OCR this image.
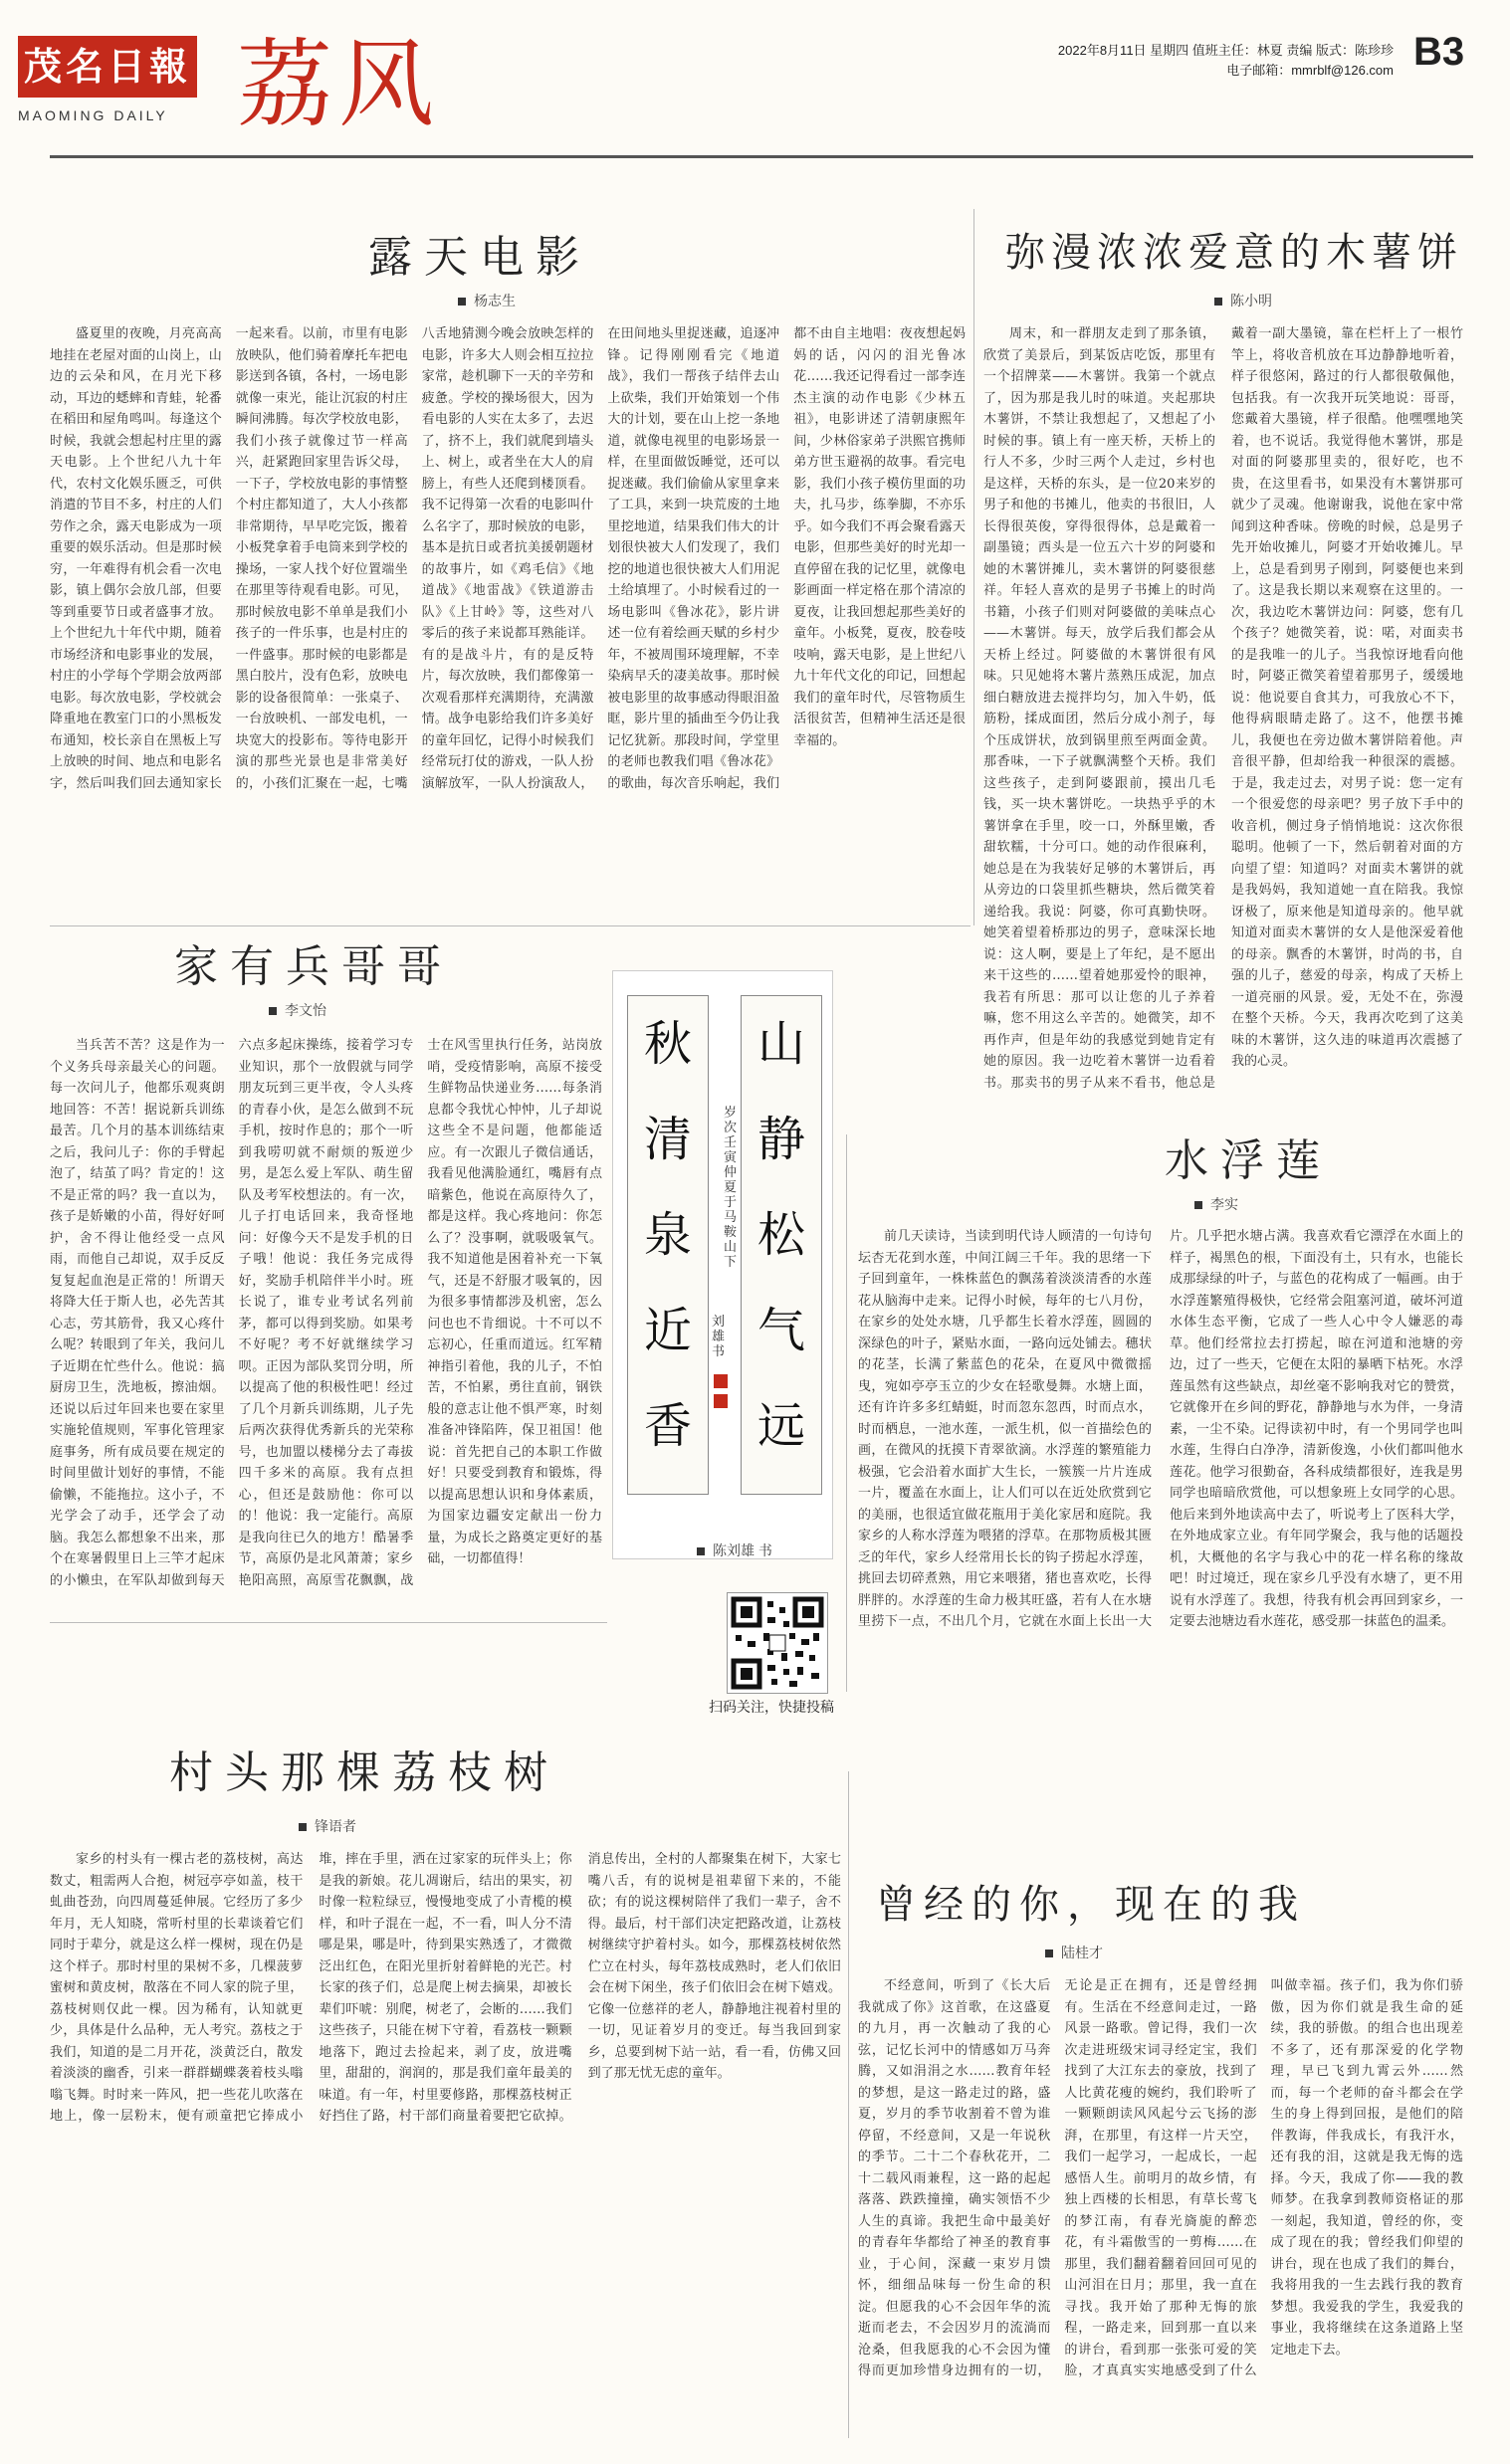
茂名日報
MAOMING DAILY 荔风	2022年8月11日 星期四 值班主任：林夏 责编 版式：陈珍珍
电子邮箱：mmrblf@126.com B3
露天电影
杨志生

盛夏里的夜晚，月亮高高地挂在老屋对面的山岗上，山边的云朵和风，在月光下移动，耳边的蟋蟀和青蛙，轮番在稻田和屋角鸣叫。每逢这个时候，我就会想起村庄里的露天电影。上个世纪八九十年代，农村文化娱乐匮乏，可供消遣的节目不多，村庄的人们劳作之余，露天电影成为一项重要的娱乐活动。但是那时候穷，一年难得有机会看一次电影，镇上偶尔会放几部，但要等到重要节日或者盛事才放。上个世纪九十年代中期，随着市场经济和电影事业的发展，村庄的小学每个学期会放两部电影。每次放电影，学校就会降重地在教室门口的小黑板发布通知，校长亲自在黑板上写上放映的时间、地点和电影名字，然后叫我们回去通知家长一起来看。以前，市里有电影放映队，他们骑着摩托车把电影送到各镇，各村，一场电影就像一束光，能让沉寂的村庄瞬间沸腾。每次学校放电影，我们小孩子就像过节一样高兴，赶紧跑回家里告诉父母，一下子，学校放电影的事情整个村庄都知道了，大人小孩都非常期待，早早吃完饭，搬着小板凳拿着手电筒来到学校的操场，一家人找个好位置端坐在那里等待观看电影。可见，那时候放电影不单单是我们小孩子的一件乐事，也是村庄的一件盛事。那时候的电影都是黑白胶片，没有色彩，放映电影的设备很简单：一张桌子、一台放映机、一部发电机，一块宽大的投影布。等待电影开演的那些光景也是非常美好的，小孩们汇聚在一起，七嘴八舌地猜测今晚会放映怎样的电影，许多大人则会相互拉拉家常，趁机聊下一天的辛劳和疲惫。学校的操场很大，因为看电影的人实在太多了，去迟了，挤不上，我们就爬到墙头上、树上，或者坐在大人的肩膀上，有些人还爬到楼顶看。我不记得第一次看的电影叫什么名字了，那时候放的电影，基本是抗日或者抗美援朝题材的故事片，如《鸡毛信》《地道战》《地雷战》《铁道游击队》《上甘岭》等，这些对八零后的孩子来说都耳熟能详。有的是战斗片，有的是反特片，每次放映，我们都像第一次观看那样充满期待，充满激情。战争电影给我们许多美好的童年回忆，记得小时候我们经常玩打仗的游戏，一队人扮演解放军，一队人扮演敌人，在田间地头里捉迷藏，追逐冲锋。记得刚刚看完《地道战》，我们一帮孩子结伴去山上砍柴，我们开始策划一个伟大的计划，要在山上挖一条地道，就像电视里的电影场景一样，在里面做饭睡觉，还可以捉迷藏。我们偷偷从家里拿来了工具，来到一块荒废的土地里挖地道，结果我们伟大的计划很快被大人们发现了，我们挖的地道也很快被大人们用泥土给填埋了。小时候看过的一场电影叫《鲁冰花》，影片讲述一位有着绘画天赋的乡村少年，不被周围环境理解，不幸染病早夭的凄美故事。那时候被电影里的故事感动得眼泪盈眶，影片里的插曲至今仍让我记忆犹新。那段时间，学堂里的老师也教我们唱《鲁冰花》的歌曲，每次音乐响起，我们都不由自主地唱：夜夜想起妈妈的话，闪闪的泪光鲁冰花……我还记得看过一部李连杰主演的动作电影《少林五祖》，电影讲述了清朝康熙年间，少林俗家弟子洪熙官携师弟方世玉避祸的故事。看完电影，我们小孩子模仿里面的功夫，扎马步，练拳脚，不亦乐乎。如今我们不再会聚看露天电影，但那些美好的时光却一直停留在我的记忆里，就像电影画面一样定格在那个清凉的夏夜，让我回想起那些美好的童年。小板凳，夏夜，胶卷吱吱响，露天电影，是上世纪八九十年代文化的印记，回想起我们的童年时代，尽管物质生活很贫苦，但精神生活还是很幸福的。

弥漫浓浓爱意的木薯饼
陈小明

周末，和一群朋友走到了那条镇，欣赏了美景后，到某饭店吃饭，那里有一个招牌菜——木薯饼。我第一个就点了，因为那是我儿时的味道。夹起那块木薯饼，不禁让我想起了，又想起了小时候的事。镇上有一座天桥，天桥上的行人不多，少时三两个人走过，乡村也是这样，天桥的东头，是一位20来岁的男子和他的书摊儿，他卖的书很旧，人长得很英俊，穿得很得体，总是戴着一副墨镜；西头是一位五六十岁的阿婆和她的木薯饼摊儿，卖木薯饼的阿婆很慈祥。年轻人喜欢的是男子书摊上的时尚书籍，小孩子们则对阿婆做的美味点心——木薯饼。每天，放学后我们都会从天桥上经过。阿婆做的木薯饼很有风味。只见她将木薯片蒸熟压成泥，加点细白糖放进去搅拌均匀，加入牛奶，低筋粉，揉成面团，然后分成小剂子，每个压成饼状，放到锅里煎至两面金黄。那香味，一下子就飘满整个天桥。我们这些孩子，走到阿婆跟前，摸出几毛钱，买一块木薯饼吃。一块热乎乎的木薯饼拿在手里，咬一口，外酥里嫩，香甜软糯，十分可口。她的动作很麻利，她总是在为我装好足够的木薯饼后，再从旁边的口袋里抓些糖块，然后微笑着递给我。我说：阿婆，你可真勤快呀。她笑着望着桥那边的男子，意味深长地说：这人啊，要是上了年纪，是不愿出来干这些的……望着她那爱怜的眼神，我若有所思：那可以让您的儿子养着嘛，您不用这么辛苦的。她微笑，却不再作声，但是年幼的我感觉到她肯定有她的原因。我一边吃着木薯饼一边看着书。那卖书的男子从来不看书，他总是戴着一副大墨镜，靠在栏杆上了一根竹竿上，将收音机放在耳边静静地听着，样子很悠闲，路过的行人都很敬佩他，包括我。有一次我开玩笑地说：哥哥，您戴着大墨镜，样子很酷。他嘿嘿地笑着，也不说话。我觉得他木薯饼，那是对面的阿婆那里卖的，很好吃，也不贵，在这里看书，如果没有木薯饼那可就少了灵魂。他谢谢我，说他在家中常闻到这种香味。傍晚的时候，总是男子先开始收摊儿，阿婆才开始收摊儿。早上，总是看到男子刚到，阿婆便也来到了。这是我长期以来观察在这里的。一次，我边吃木薯饼边问：阿婆，您有几个孩子？她微笑着，说：喏，对面卖书的是我唯一的儿子。当我惊讶地看向他时，阿婆正微笑着望着那男子，缓缓地说：他说要自食其力，可我放心不下，他得病眼睛走路了。这不，他摆书摊儿，我便也在旁边做木薯饼陪着他。声音很平静，但却给我一种很深的震撼。于是，我走过去，对男子说：您一定有一个很爱您的母亲吧？男子放下手中的收音机，侧过身子悄悄地说：这次你很聪明。他顿了一下，然后朝着对面的方向望了望：知道吗？对面卖木薯饼的就是我妈妈，我知道她一直在陪我。我惊讶极了，原来他是知道母亲的。他早就知道对面卖木薯饼的女人是他深爱着他的母亲。飘香的木薯饼，时尚的书，自强的儿子，慈爱的母亲，构成了天桥上一道亮丽的风景。爱，无处不在，弥漫在整个天桥。今天，我再次吃到了这美味的木薯饼，这久违的味道再次震撼了我的心灵。

家有兵哥哥
李文怡

当兵苦不苦？这是作为一个义务兵母亲最关心的问题。每一次问儿子，他都乐观爽朗地回答：不苦！据说新兵训练最苦。几个月的基本训练结束之后，我问儿子：你的手臂起泡了，结茧了吗？肯定的！这不是正常的吗？我一直以为，孩子是娇嫩的小苗，得好好呵护，舍不得让他经受一点风雨，而他自己却说，双手反反复复起血泡是正常的！所谓天将降大任于斯人也，必先苦其心志，劳其筋骨，我又心疼什么呢？转眼到了年关，我问儿子近期在忙些什么。他说：搞厨房卫生，洗地板，擦油烟。还说以后过年回来也要在家里实施轮值规则，军事化管理家庭事务，所有成员要在规定的时间里做计划好的事情，不能偷懒，不能拖拉。这小子，不光学会了动手，还学会了动脑。我怎么都想象不出来，那个在寒暑假里日上三竿才起床的小懒虫，在军队却做到每天六点多起床操练，接着学习专业知识，那个一放假就与同学朋友玩到三更半夜，令人头疼的青春小伙，是怎么做到不玩手机，按时作息的；那个一听到我唠叨就不耐烦的叛逆少男，是怎么爱上军队、萌生留队及考军校想法的。有一次，儿子打电话回来，我奇怪地问：好像今天不是发手机的日子哦！他说：我任务完成得好，奖励手机陪伴半小时。班长说了，谁专业考试名列前茅，都可以得到奖励。如果考不好呢？考不好就继续学习呗。正因为部队奖罚分明，所以提高了他的积极性吧！经过了几个月新兵训练期，儿子先后两次获得优秀新兵的光荣称号，也加盟以楼梯分去了毒拔四千多米的高原。我有点担心，但还是鼓励他：你可以的！他说：我一定能行。高原是我向往已久的地方！酷暑季节，高原仍是北风萧萧；家乡艳阳高照，高原雪花飘飘，战士在风雪里执行任务，站岗放哨，受疫情影响，高原不接受生鲜物品快递业务……每条消息都令我忧心忡忡，儿子却说这些全不是问题，他都能适应。有一次跟儿子微信通话，我看见他满脸通红，嘴唇有点暗紫色，他说在高原待久了，都是这样。我心疼地问：你怎么了？没事啊，就吸吸氧气。我不知道他是困着补充一下氧气，还是不舒服才吸氧的，因为很多事情都涉及机密，怎么问也也不肯细说。十不可以不忘初心，任重而道远。红军精神指引着他，我的儿子，不怕苦，不怕累，勇往直前，钢铁般的意志让他不惧严寒，时刻准备冲锋陷阵，保卫祖国！他说：首先把自己的本职工作做好！只要受到教育和锻炼，得以提高思想认识和身体素质，为国家边疆安定献出一份力量，为成长之路奠定更好的基础，一切都值得！

山
静
松
气
远
岁次壬寅仲夏于马鞍山下
秋
清
泉
近
香
刘雄书
陈刘雄 书
扫码关注，快捷投稿
水浮莲
李实

前几天读诗，当读到明代诗人顾清的一句诗句坛杏无花到水莲，中间江阔三千年。我的思绪一下子回到童年，一株株蓝色的飘荡着淡淡清香的水莲花从脑海中走来。记得小时候，每年的七八月份，在家乡的处处水塘，几乎都生长着水浮莲，圆圆的深绿色的叶子，紧贴水面，一路向远处铺去。穗状的花茎，长满了紫蓝色的花朵，在夏风中微微摇曳，宛如亭亭玉立的少女在轻歌曼舞。水塘上面，还有许许多多红蜻蜓，时而忽东忽西，时而点水，时而栖息，一池水莲，一派生机，似一首描绘色的画，在微风的抚摸下青翠欲滴。水浮莲的繁殖能力极强，它会沿着水面扩大生长，一簇簇一片片连成一片，覆盖在水面上，让人们可以在近处欣赏到它的美丽，也很适宜做花瓶用于美化家居和庭院。我家乡的人称水浮莲为喂猪的浮草。在那物质极其匮乏的年代，家乡人经常用长长的钩子捞起水浮莲，挑回去切碎煮熟，用它来喂猪，猪也喜欢吃，长得胖胖的。水浮莲的生命力极其旺盛，若有人在水塘里捞下一点，不出几个月，它就在水面上长出一大片。几乎把水塘占满。我喜欢看它漂浮在水面上的样子，褐黑色的根，下面没有土，只有水，也能长成那绿绿的叶子，与蓝色的花构成了一幅画。由于水浮莲繁殖得极快，它经常会阻塞河道，破坏河道水体生态平衡，它成了一些人心中令人嫌恶的毒草。他们经常拉去打捞起，晾在河道和池塘的旁边，过了一些天，它便在太阳的暴晒下枯死。水浮莲虽然有这些缺点，却丝毫不影响我对它的赞赏，它就像开在乡间的野花，静静地与水为伴，一身清素，一尘不染。记得读初中时，有一个男同学也叫水莲，生得白白净净，清新俊逸，小伙们都叫他水莲花。他学习很勤奋，各科成绩都很好，连我是男同学也暗暗欣赏他，可以想象班上女同学的心思。他后来到外地读高中去了，听说考上了医科大学，在外地成家立业。有年同学聚会，我与他的话题投机，大概他的名字与我心中的花一样名称的缘故吧！时过境迁，现在家乡几乎没有水塘了，更不用说有水浮莲了。我想，待我有机会再回到家乡，一定要去池塘边看水莲花，感受那一抹蓝色的温柔。

村头那棵荔枝树
锋语者

家乡的村头有一棵古老的荔枝树，高达数丈，粗需两人合抱，树冠亭亭如盖，枝干虬曲苍劲，向四周蔓延伸展。它经历了多少年月，无人知晓，常听村里的长辈谈着它们同时于辈分，就是这么样一棵树，现在仍是这个样子。那时村里的果树不多，几棵菠萝蜜树和黄皮树，散落在不同人家的院子里，荔枝树则仅此一棵。因为稀有，认知就更少，具体是什么品种，无人考究。荔枝之于我们，知道的是二月开花，淡黄泛白，散发着淡淡的幽香，引来一群群蝴蝶袭着枝头嗡嗡飞舞。时时来一阵风，把一些花儿吹落在地上，像一层粉末，便有顽童把它捧成小堆，摔在手里，洒在过家家的玩伴头上；你是我的新娘。花儿凋谢后，结出的果实，初时像一粒粒绿豆，慢慢地变成了小青榄的模样，和叶子混在一起，不一看，叫人分不清哪是果，哪是叶，待到果实熟透了，才微微泛出红色，在阳光里折射着鲜艳的光芒。村长家的孩子们，总是爬上树去摘果，却被长辈们吓唬：别爬，树老了，会断的……我们这些孩子，只能在树下守着，看荔枝一颗颗地落下，跑过去捡起来，剥了皮，放进嘴里，甜甜的，润润的，那是我们童年最美的味道。有一年，村里要修路，那棵荔枝树正好挡住了路，村干部们商量着要把它砍掉。消息传出，全村的人都聚集在树下，大家七嘴八舌，有的说树是祖辈留下来的，不能砍；有的说这棵树陪伴了我们一辈子，舍不得。最后，村干部们决定把路改道，让荔枝树继续守护着村头。如今，那棵荔枝树依然伫立在村头，每年荔枝成熟时，老人们依旧会在树下闲坐，孩子们依旧会在树下嬉戏。它像一位慈祥的老人，静静地注视着村里的一切，见证着岁月的变迁。每当我回到家乡，总要到树下站一站，看一看，仿佛又回到了那无忧无虑的童年。

曾经的你，现在的我
陆桂才

不经意间，听到了《长大后我就成了你》这首歌，在这盛夏的九月，再一次触动了我的心弦，记忆长河中的情感如万马奔腾，又如涓涓之水……教育年轻的梦想，是这一路走过的路，盛夏，岁月的季节收割着不曾为谁停留，不经意间，又是一年说秋的季节。二十二个春秋花开，二十二载风雨兼程，这一路的起起落落、跌跌撞撞，确实领悟不少人生的真谛。我把生命中最美好的青春年华都给了神圣的教育事业，于心间，深藏一束岁月馈怀，细细品味每一份生命的积淀。但愿我的心不会因年华的流逝而老去，不会因岁月的流淌而沧桑，但我愿我的心不会因为懂得而更加珍惜身边拥有的一切，无论是正在拥有，还是曾经拥有。生活在不经意间走过，一路风景一路歌。曾记得，我们一次次走进班级宋词寻经定宝，我们找到了大江东去的豪放，找到了人比黄花瘦的婉约，我们聆听了一颗颗朗读风风起兮云飞扬的澎湃，在那里，有这样一片天空，我们一起学习，一起成长，一起感悟人生。前明月的故乡情，有独上西楼的长相思，有草长莺飞的梦江南，有春光旖旎的醉恋花，有斗霜傲雪的一剪梅……在那里，我们翻着翻着回回可见的山河泪在日月；那里，我一直在寻找。我开始了那种无悔的旅程，一路走来，回到那一直以来的讲台，看到那一张张可爱的笑脸，才真真实实地感受到了什么叫做幸福。孩子们，我为你们骄傲，因为你们就是我生命的延续，我的骄傲。的组合也出现差不多了，还有那深爱的化学物理，早已飞到九霄云外……然而，每一个老师的奋斗都会在学生的身上得到回报，是他们的陪伴教诲，伴我成长，有我汗水，还有我的泪，这就是我无悔的选择。今天，我成了你——我的教师梦。在我拿到教师资格证的那一刻起，我知道，曾经的你，变成了现在的我；曾经我们仰望的讲台，现在也成了我们的舞台，我将用我的一生去践行我的教育梦想。我爱我的学生，我爱我的事业，我将继续在这条道路上坚定地走下去。
